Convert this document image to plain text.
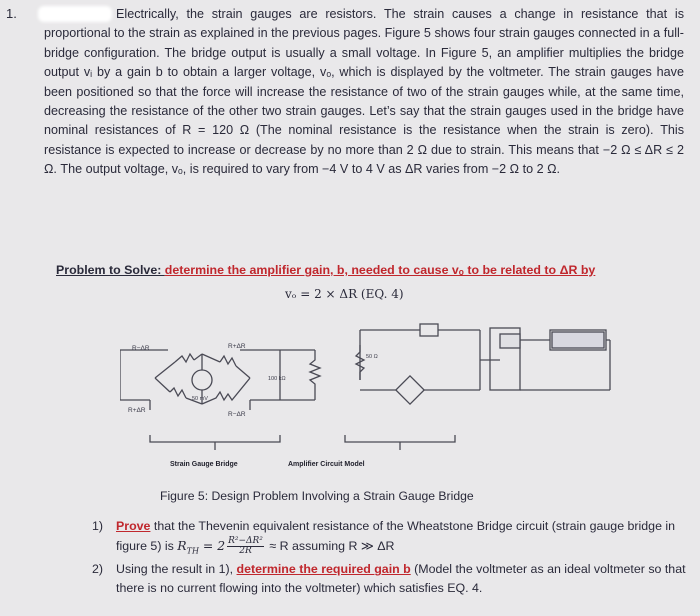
1.	Electrically, the strain gauges are resistors. The strain causes a change in resistance that is proportional to the strain as explained in the previous pages. Figure 5 shows four strain gauges connected in a full-bridge configuration. The bridge output is usually a small voltage. In Figure 5, an amplifier multiplies the bridge output vᵢ by a gain b to obtain a larger voltage, vₒ, which is displayed by the voltmeter. The strain gauges have been positioned so that the force will increase the resistance of two of the strain gauges while, at the same time, decreasing the resistance of the other two strain gauges. Let’s say that the strain gauges used in the bridge have nominal resistances of R = 120 Ω (The nominal resistance is the resistance when the strain is zero). This resistance is expected to increase or decrease by no more than 2 Ω due to strain. This means that −2 Ω ≤ ΔR ≤ 2 Ω. The output voltage, vₒ, is required to vary from −4 V to 4 V as ΔR varies from −2 Ω to 2 Ω.

Problem to Solve: determine the amplifier gain, b, needed to cause vₒ to be related to ΔR by
vₒ = 2 × ΔR (EQ. 4)
R−ΔR	R+ΔR
R+ΔR
R−ΔR
50 mV
100 kΩ
50 Ω
Strain Gauge Bridge	Amplifier Circuit Model
Figure 5: Design Problem Involving a Strain Gauge Bridge
1) Prove that the Thevenin equivalent resistance of the Wheatstone Bridge circuit (strain gauge bridge in figure 5) is $R_{TH} = 2 \frac{\text{R²−ΔR²}}{2R} \approx R$ assuming R ≫ ΔR
2) Using the result in 1), determine the required gain b (Model the voltmeter as an ideal voltmeter so that there is no current flowing into the voltmeter) which satisfies EQ. 4.
